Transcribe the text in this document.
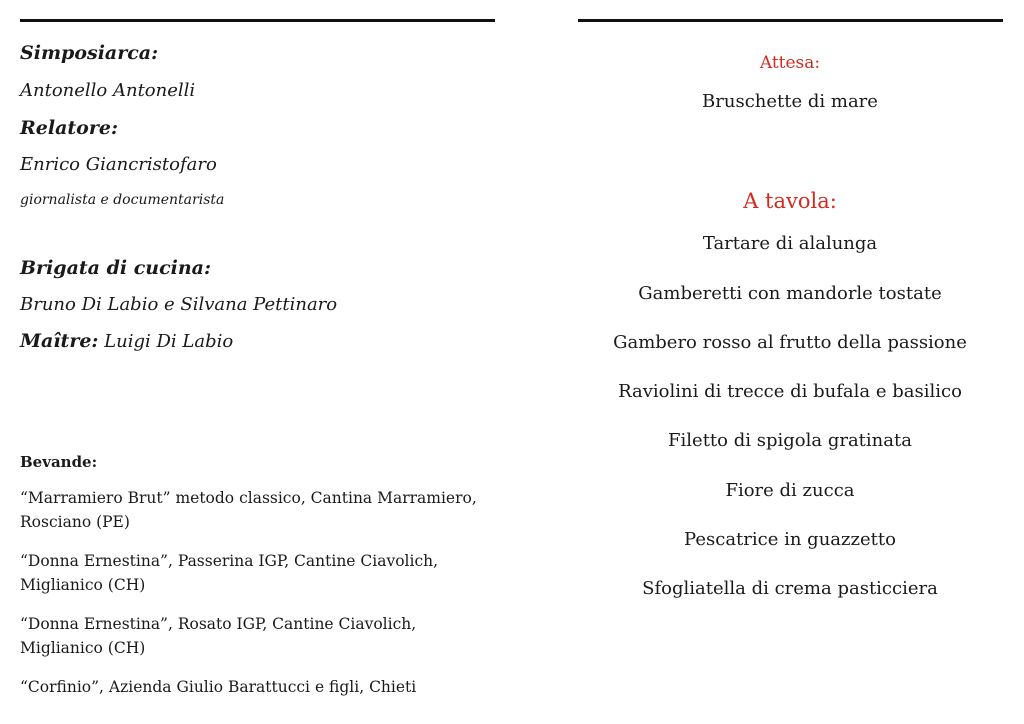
Simposiarca:
Antonello Antonelli
Relatore:
Enrico Giancristofaro
giornalista e documentarista
Brigata di cucina:
Bruno Di Labio e Silvana Pettinaro
Maître: Luigi Di Labio
Bevande:
“Marramiero Brut” metodo classico, Cantina Marramiero, Rosciano (PE)
“Donna Ernestina”, Passerina IGP, Cantine Ciavolich, Miglianico (CH)
“Donna Ernestina”, Rosato IGP, Cantine Ciavolich, Miglianico (CH)
“Corfinio”, Azienda Giulio Barattucci e figli, Chieti
Attesa:
Bruschette di mare
A tavola:
Tartare di alalunga
Gamberetti con mandorle tostate
Gambero rosso al frutto della passione
Raviolini di trecce di bufala e basilico
Filetto di spigola gratinata
Fiore di zucca
Pescatrice in guazzetto
Sfogliatella di crema pasticciera
